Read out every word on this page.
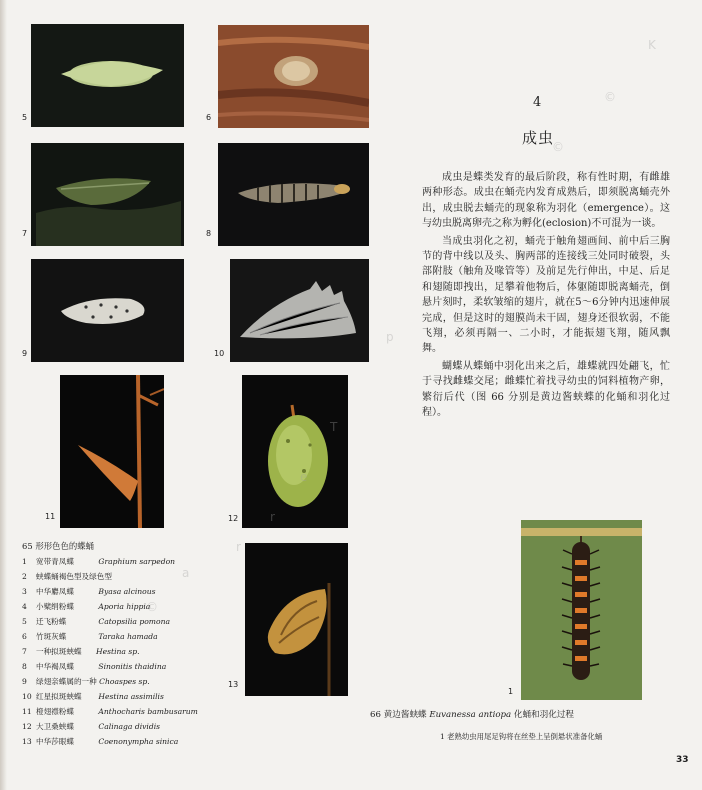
5	6
7	8
9	10
11	12
13
1
4
成虫

成虫是蝶类发育的最后阶段，称有性时期，有雌雄两种形态。成虫在蛹壳内发育成熟后，即须脱离蛹壳外出，成虫脱去蛹壳的现象称为羽化（emergence）。这与幼虫脱离卵壳之称为孵化(eclosion)不可混为一谈。

当成虫羽化之初，蛹壳于触角翅画间、前中后三胸节的背中线以及头、胸两部的连接线三处同时破裂，头部附肢（触角及喙管等）及前足先行伸出，中足、后足和翅随即拽出，足攀着他物后，体躯随即脱离蛹壳，倒悬片刻时，柔软皱缩的翅片，就在5～6分钟内迅速伸展完成，但是这时的翅膜尚未干固，翅身还很软弱，不能飞翔，必须再隔一、二小时，才能振翅飞翔，随风飘舞。

蝴蝶从蝶蛹中羽化出来之后，雄蝶就四处翩飞，忙于寻找雌蝶交尾；雌蝶忙着找寻幼虫的饲料植物产卵，繁衍后代（图 66 分别是黄边酱蛱蝶的化蛹和羽化过程）。

65 形形色色的蝶蛹
1 宽带青凤蝶	Graphium sarpedon
2 蛱蝶蛹褐色型及绿色型
3 中华麝凤蝶	Byasa alcinous
4 小檗绢粉蝶	Aporia hippia
5 迁飞粉蝶	Catopsilia pomona
6 竹斑灰蝶	Taraka hamada
7 一种拟斑蛱蝶 Hestina sp.
8 中华褐凤蝶	Sinonitis thaidina
9 绿翅亲蝶属的一种 Choaspes sp.
10 红星拟斑蛱蝶 Hestina assimilis
11 橙翅襟粉蝶	Anthocharis bambusarum
12 大卫桑蛱蝶	Calinaga dividis
13 中华莎眼蝶	Coenonympha sinica
66 黄边酱蛱蝶 Euvanessa antiopa 化蛹和羽化过程
1 老熟幼虫用尾足钩将在丝垫上呈倒悬状准备化蛹
33
K
©
©
T
e
r
r
a
©
p
